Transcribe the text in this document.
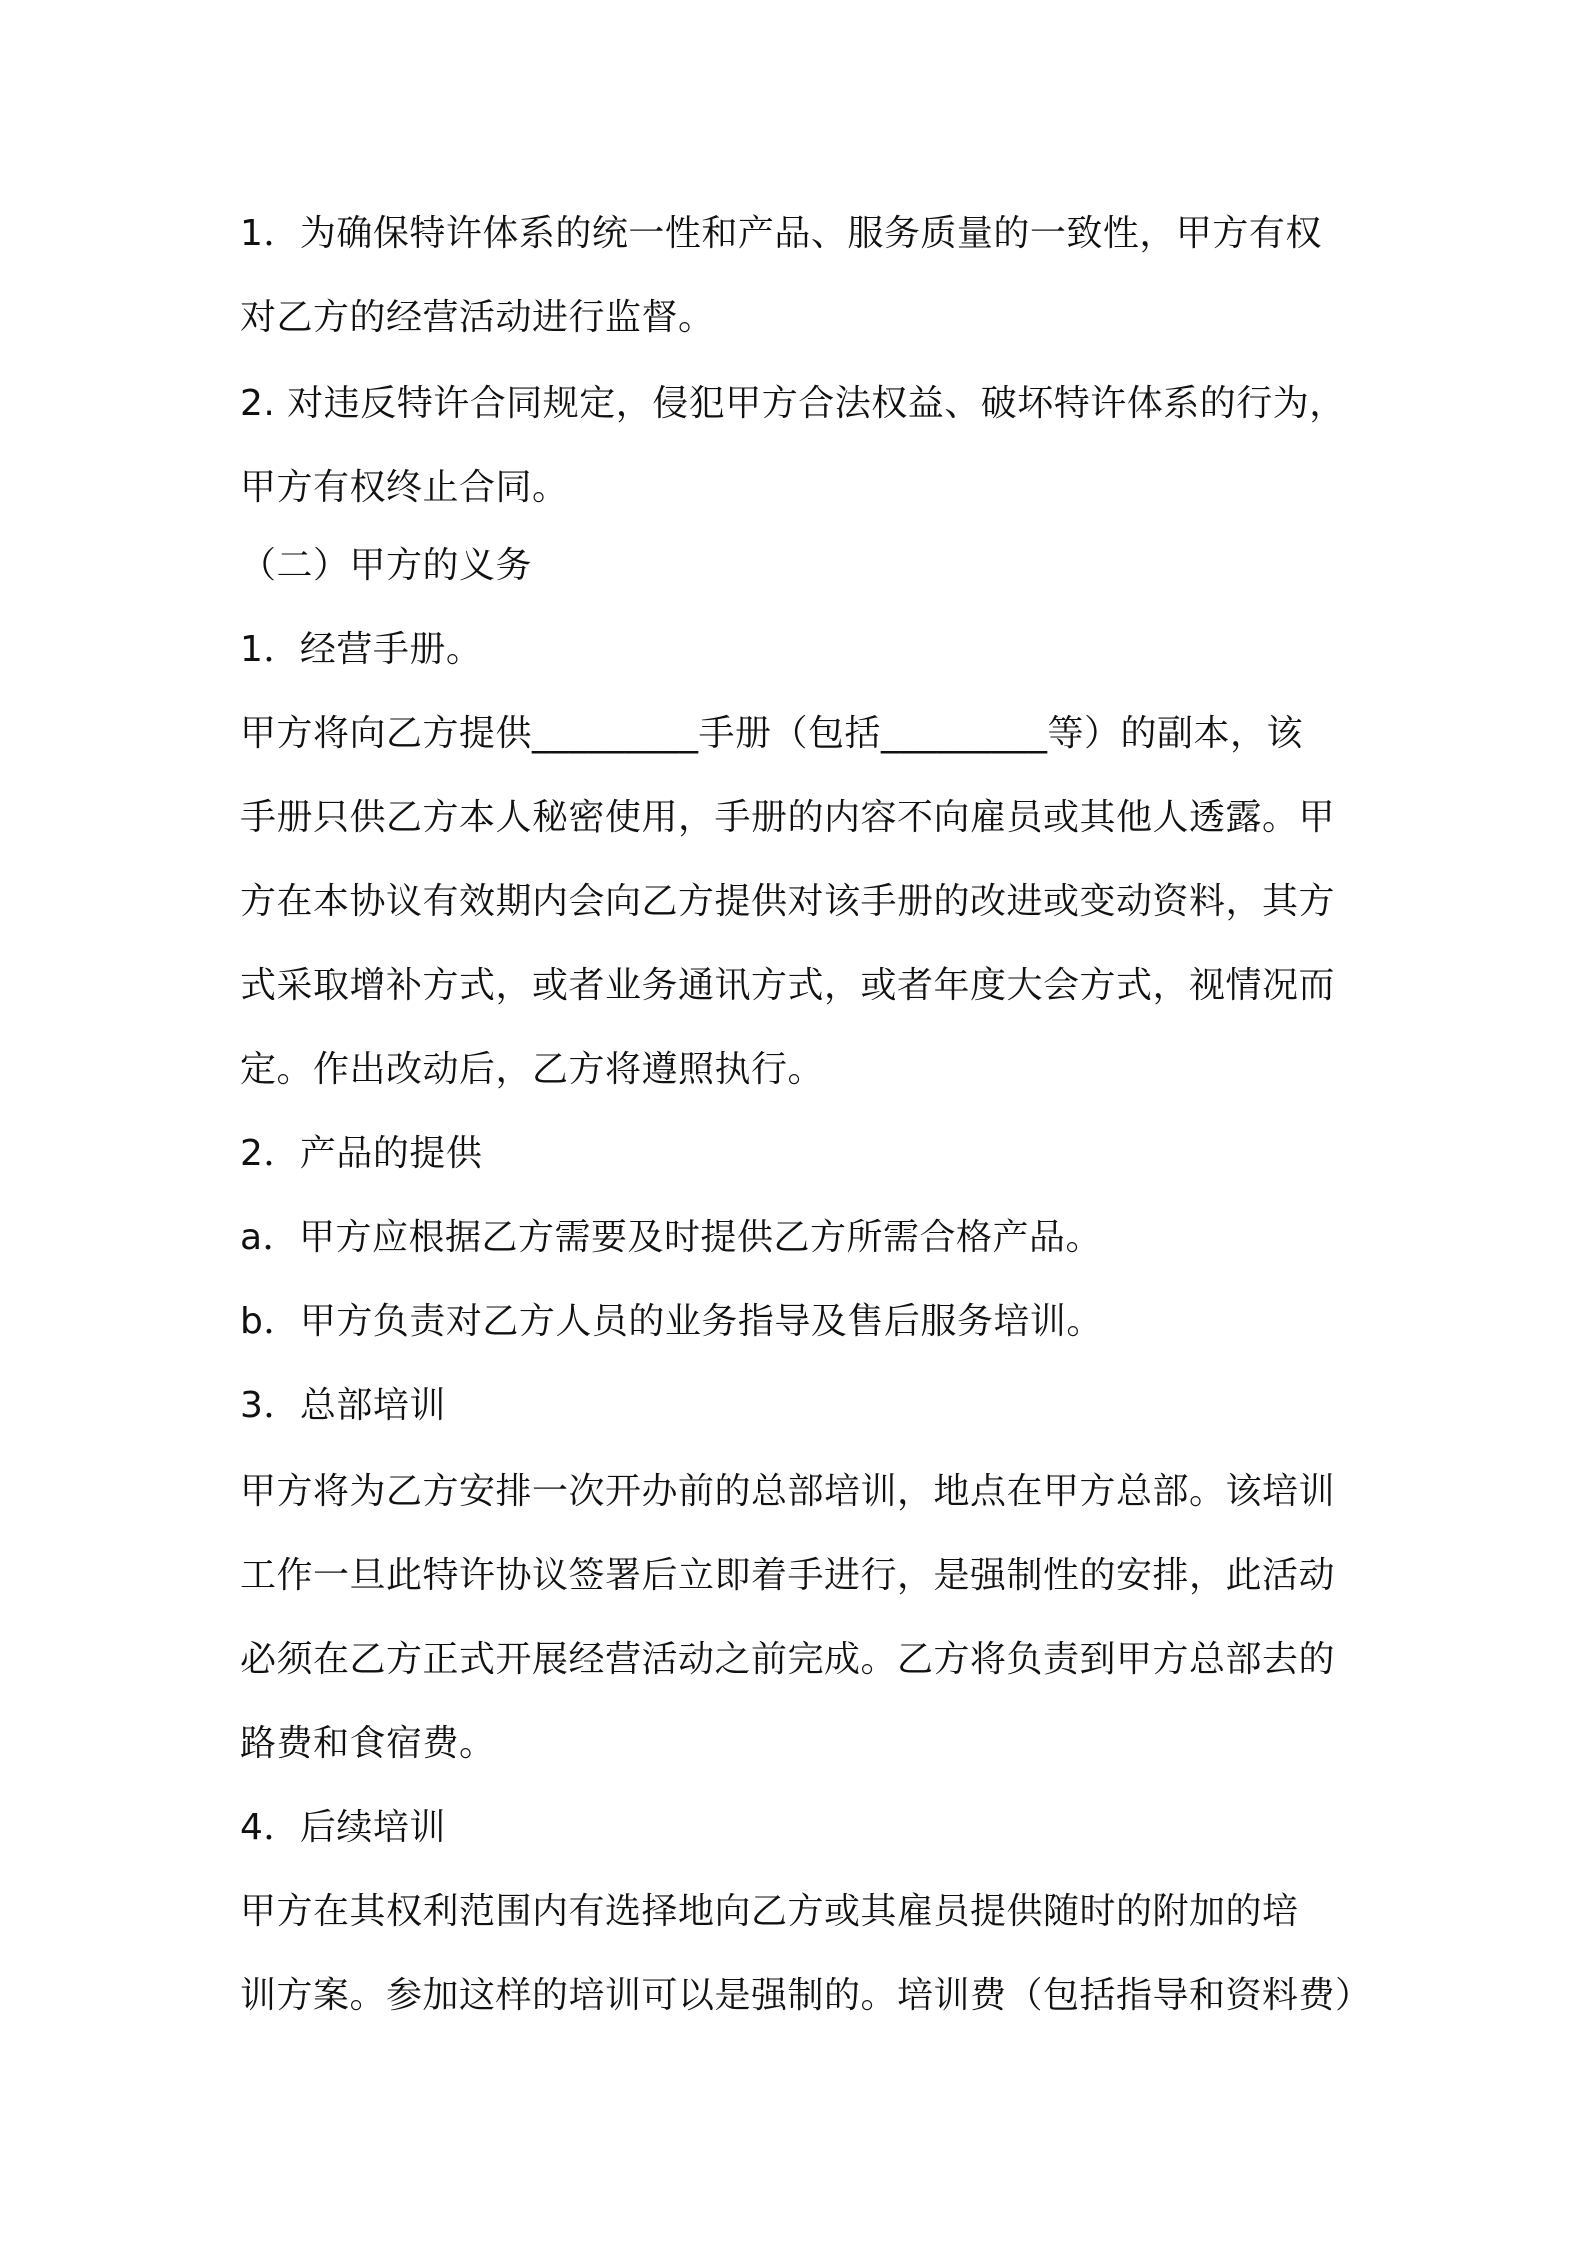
1．为确保特许体系的统一性和产品、服务质量的一致性，甲方有权
对乙方的经营活动进行监督。
2. 对违反特许合同规定，侵犯甲方合法权益、破坏特许体系的行为，
甲方有权终止合同。
（二）甲方的义务
1．经营手册。
甲方将向乙方提供_________手册（包括_________等）的副本，该
手册只供乙方本人秘密使用，手册的内容不向雇员或其他人透露。甲
方在本协议有效期内会向乙方提供对该手册的改进或变动资料，其方
式采取增补方式，或者业务通讯方式，或者年度大会方式，视情况而
定。作出改动后，乙方将遵照执行。
2．产品的提供
a．甲方应根据乙方需要及时提供乙方所需合格产品。
b．甲方负责对乙方人员的业务指导及售后服务培训。
3．总部培训
甲方将为乙方安排一次开办前的总部培训，地点在甲方总部。该培训
工作一旦此特许协议签署后立即着手进行，是强制性的安排，此活动
必须在乙方正式开展经营活动之前完成。乙方将负责到甲方总部去的
路费和食宿费。
4．后续培训
甲方在其权利范围内有选择地向乙方或其雇员提供随时的附加的培
训方案。参加这样的培训可以是强制的。培训费（包括指导和资料费）
